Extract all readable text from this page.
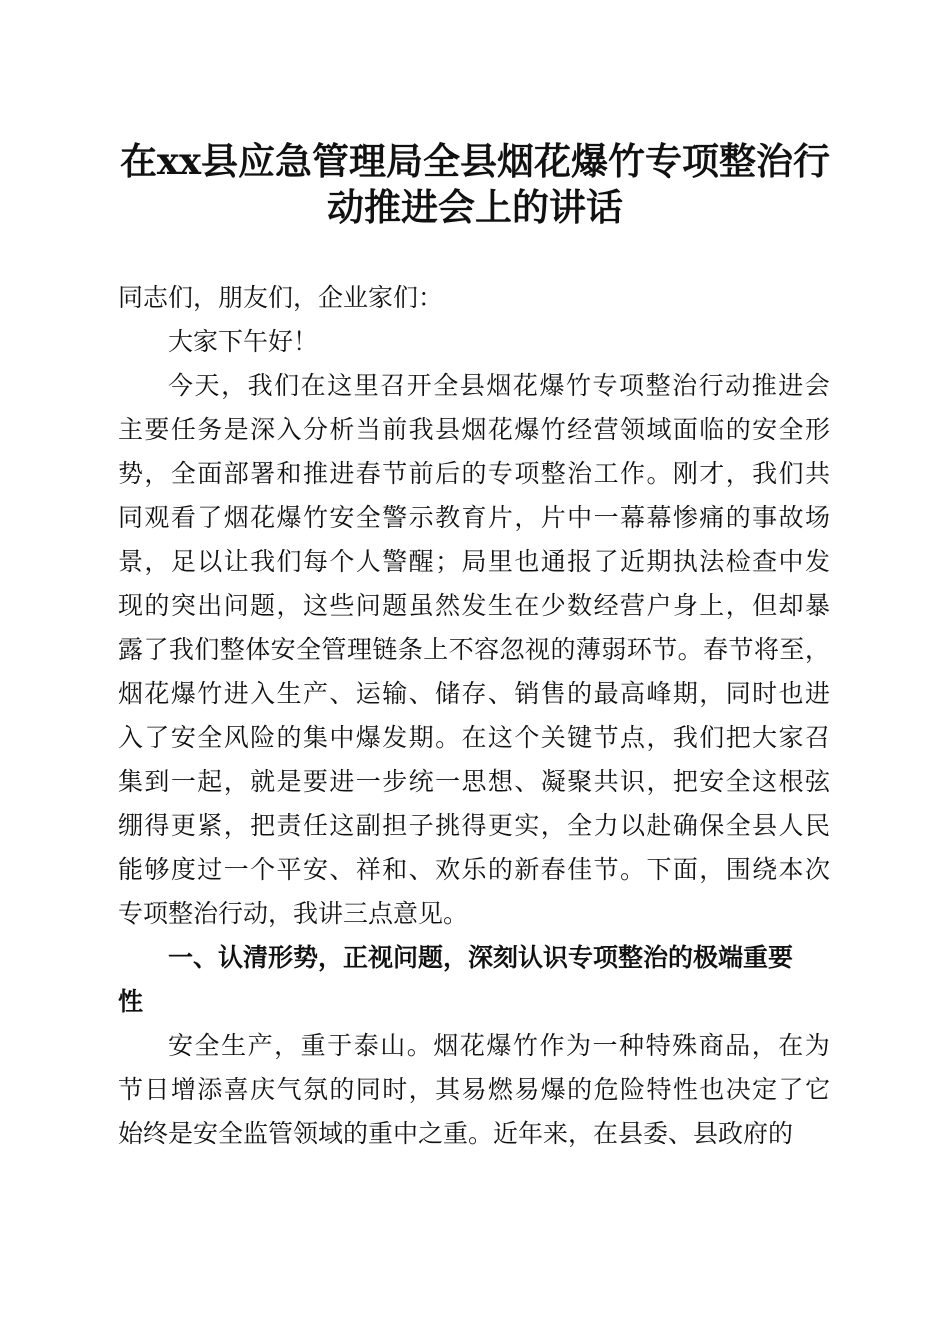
在xx县应急管理局全县烟花爆竹专项整治行
动推进会上的讲话
同志们，朋友们，企业家们：
大家下午好！
今 天 ， 我 们 在 这 里 召 开 全 县 烟 花 爆 竹 专 项 整 治 行 动 推 进 会
主 要 任 务 是 深 入 分 析 当 前 我 县 烟 花 爆 竹 经 营 领 域 面 临 的 安 全 形
势 ， 全 面 部 署 和 推 进 春 节 前 后 的 专 项 整 治 工 作 。 刚 才 ， 我 们 共
同 观 看 了 烟 花 爆 竹 安 全 警 示 教 育 片 ， 片 中 一 幕 幕 惨 痛 的 事 故 场
景 ， 足 以 让 我 们 每 个 人 警 醒 ； 局 里 也 通 报 了 近 期 执 法 检 查 中 发
现 的 突 出 问 题 ， 这 些 问 题 虽 然 发 生 在 少 数 经 营 户 身 上 ， 但 却 暴
露 了 我 们 整 体 安 全 管 理 链 条 上 不 容 忽 视 的 薄 弱 环 节 。 春 节 将 至 ，
烟 花 爆 竹 进 入 生 产 、 运 输 、 储 存 、 销 售 的 最 高 峰 期 ， 同 时 也 进
入 了 安 全 风 险 的 集 中 爆 发 期 。 在 这 个 关 键 节 点 ， 我 们 把 大 家 召
集 到 一 起 ， 就 是 要 进 一 步 统 一 思 想 、 凝 聚 共 识 ， 把 安 全 这 根 弦
绷 得 更 紧 ， 把 责 任 这 副 担 子 挑 得 更 实 ， 全 力 以 赴 确 保 全 县 人 民
能 够 度 过 一 个 平 安 、 祥 和 、 欢 乐 的 新 春 佳 节 。 下 面 ， 围 绕 本 次
专项整治行动，我讲三点意见。
一、认清形势，正视问题，深刻认识专项整治的极端重要
性
安 全 生 产 ， 重 于 泰 山 。 烟 花 爆 竹 作 为 一 种 特 殊 商 品 ， 在 为
节 日 增 添 喜 庆 气 氛 的 同 时 ， 其 易 燃 易 爆 的 危 险 特 性 也 决 定 了 它
始终是安全监管领域的重中之重。近年来，在县委、县政府的
